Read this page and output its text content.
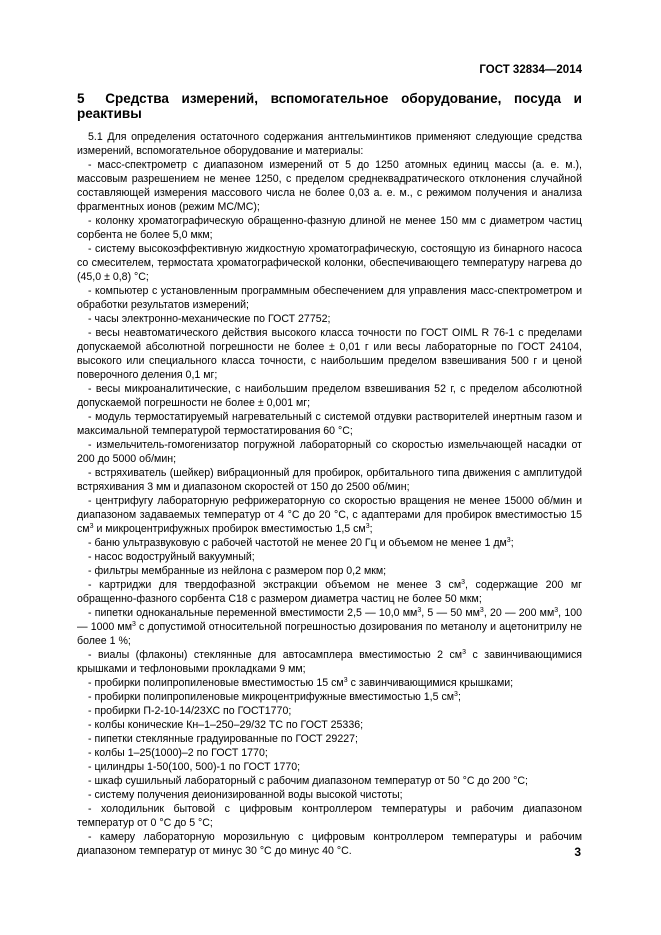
ГОСТ 32834—2014
5 Средства измерений, вспомогательное оборудование, посуда и реактивы

5.1 Для определения остаточного содержания антгельминтиков применяют следующие средства измерений, вспомогательное оборудование и материалы:

- масс-спектрометр с диапазоном измерений от 5 до 1250 атомных единиц массы (а. е. м.), массовым разрешением не менее 1250, с пределом среднеквадратического отклонения случайной составляющей измерения массового числа не более 0,03 а. е. м., с режимом получения и анализа фрагментных ионов (режим МС/МС);

- колонку хроматографическую обращенно-фазную длиной не менее 150 мм с диаметром частиц сорбента не более 5,0 мкм;

- систему высокоэффективную жидкостную хроматографическую, состоящую из бинарного насоса со смесителем, термостата хроматографической колонки, обеспечивающего температуру нагрева до (45,0 ± 0,8) °С;

- компьютер с установленным программным обеспечением для управления масс-спектрометром и обработки результатов измерений;

- часы электронно-механические по ГОСТ 27752;

- весы неавтоматического действия высокого класса точности по ГОСТ OIML R 76-1 с пределами допускаемой абсолютной погрешности не более ± 0,01 г или весы лабораторные по ГОСТ 24104, высокого или специального класса точности, с наибольшим пределом взвешивания 500 г и ценой поверочного деления 0,1 мг;

- весы микроаналитические, с наибольшим пределом взвешивания 52 г, с пределом абсолютной допускаемой погрешности не более ± 0,001 мг;

- модуль термостатируемый нагревательный с системой отдувки растворителей инертным газом и максимальной температурой термостатирования 60 °С;

- измельчитель-гомогенизатор погружной лабораторный со скоростью измельчающей насадки от 200 до 5000 об/мин;

- встряхиватель (шейкер) вибрационный для пробирок, орбитального типа движения с амплитудой встряхивания 3 мм и диапазоном скоростей от 150 до 2500 об/мин;

- центрифугу лабораторную рефрижераторную со скоростью вращения не менее 15000 об/мин и диапазоном задаваемых температур от 4 °С до 20 °С, с адаптерами для пробирок вместимостью 15 $см^3$ и микроцентрифужных пробирок вместимостью 1,5 $см^3$;

- баню ультразвуковую с рабочей частотой не менее 20 Гц и объемом не менее 1 $дм^3$;

- насос водоструйный вакуумный;

- фильтры мембранные из нейлона с размером пор 0,2 мкм;

- картриджи для твердофазной экстракции объемом не менее 3 $см^3$, содержащие 200 мг обращенно-фазного сорбента С18 с размером диаметра частиц не более 50 мкм;

- пипетки одноканальные переменной вместимости 2,5 — 10,0 $мм^3$, 5 — 50 $мм^3$, 20 — 200 $мм^3$, 100 — 1000 $мм^3$ с допустимой относительной погрешностью дозирования по метанолу и ацетонитрилу не более 1 %;

- виалы (флаконы) стеклянные для автосамплера вместимостью 2 $см^3$ с завинчивающимися крышками и тефлоновыми прокладками 9 мм;

- пробирки полипропиленовые вместимостью 15 $см^3$ с завинчивающимися крышками;

- пробирки полипропиленовые микроцентрифужные вместимостью 1,5 $см^3$;

- пробирки П-2-10-14/23ХС по ГОСТ1770;

- колбы конические Кн–1–250–29/32 ТС по ГОСТ 25336;

- пипетки стеклянные градуированные по ГОСТ 29227;

- колбы 1–25(1000)–2 по ГОСТ 1770;

- цилиндры 1-50(100, 500)-1 по ГОСТ 1770;

- шкаф сушильный лабораторный с рабочим диапазоном температур от 50 °С до 200 °С;

- систему получения деионизированной воды высокой чистоты;

- холодильник бытовой с цифровым контроллером температуры и рабочим диапазоном температур от 0 °С до 5 °С;

- камеру лабораторную морозильную с цифровым контроллером температуры и рабочим диапазоном температур от минус 30 °С до минус 40 °С.	3
